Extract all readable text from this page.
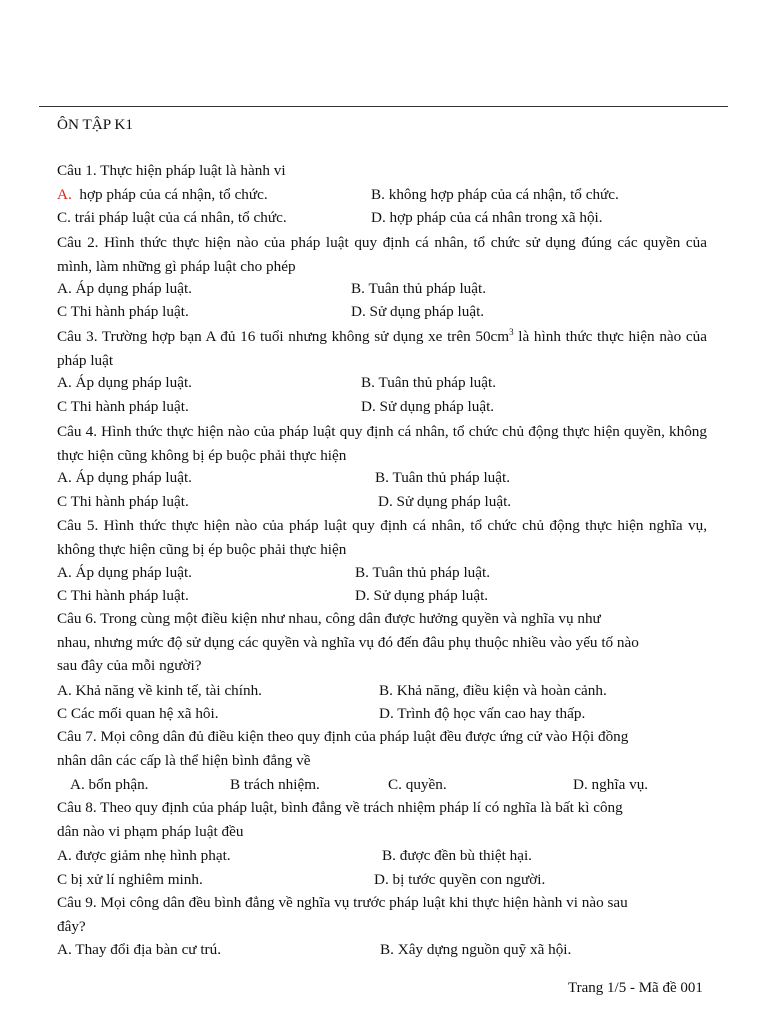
ÔN TẬP K1
Câu 1. Thực hiện pháp luật là hành vi
A. hợp pháp của cá nhận, tổ chức.	B. không hợp pháp của cá nhận, tổ chức.
C. trái pháp luật của cá nhân, tổ chức.	D. hợp pháp của cá nhân trong xã hội.
Câu 2. Hình thức thực hiện nào của pháp luật quy định cá nhân, tổ chức sử dụng đúng các quyền của mình, làm những gì pháp luật cho phép
A. Áp dụng pháp luật.	B. Tuân thủ pháp luật.
C Thi hành pháp luật.	D. Sử dụng pháp luật.
Câu 3. Trường hợp bạn A đủ 16 tuổi nhưng không sử dụng xe trên $50cm^3$ là hình thức thực hiện nào của pháp luật
A. Áp dụng pháp luật.	B. Tuân thủ pháp luật.
C Thi hành pháp luật.	D. Sử dụng pháp luật.
Câu 4. Hình thức thực hiện nào của pháp luật quy định cá nhân, tổ chức chủ động thực hiện quyền, không thực hiện cũng không bị ép buộc phải thực hiện
A. Áp dụng pháp luật.	B. Tuân thủ pháp luật.
C Thi hành pháp luật.	D. Sử dụng pháp luật.
Câu 5. Hình thức thực hiện nào của pháp luật quy định cá nhân, tổ chức chủ động thực hiện nghĩa vụ, không thực hiện cũng bị ép buộc phải thực hiện
A. Áp dụng pháp luật.	B. Tuân thủ pháp luật.
C Thi hành pháp luật.	D. Sử dụng pháp luật.
Câu 6. Trong cùng một điều kiện như nhau, công dân được hưởng quyền và nghĩa vụ như
nhau, nhưng mức độ sử dụng các quyền và nghĩa vụ đó đến đâu phụ thuộc nhiều vào yếu tố nào
sau đây của mỗi người?
A. Khả năng về kinh tế, tài chính.	B. Khả năng, điều kiện và hoàn cảnh.
C Các mối quan hệ xã hôi.	D. Trình độ học vấn cao hay thấp.
Câu 7. Mọi công dân đủ điều kiện theo quy định của pháp luật đều được ứng cử vào Hội đồng
nhân dân các cấp là thể hiện bình đẳng về
A. bổn phận.	B trách nhiệm.	C. quyền.	D. nghĩa vụ.
Câu 8. Theo quy định của pháp luật, bình đẳng về trách nhiệm pháp lí có nghĩa là bất kì công
dân nào vi phạm pháp luật đều
A. được giảm nhẹ hình phạt.	B. được đền bù thiệt hại.
C bị xử lí nghiêm minh.	D. bị tước quyền con người.
Câu 9. Mọi công dân đều bình đẳng về nghĩa vụ trước pháp luật khi thực hiện hành vi nào sau
đây?
A. Thay đổi địa bàn cư trú.	B. Xây dựng nguồn quỹ xã hội.
Trang 1/5 - Mã đề 001
